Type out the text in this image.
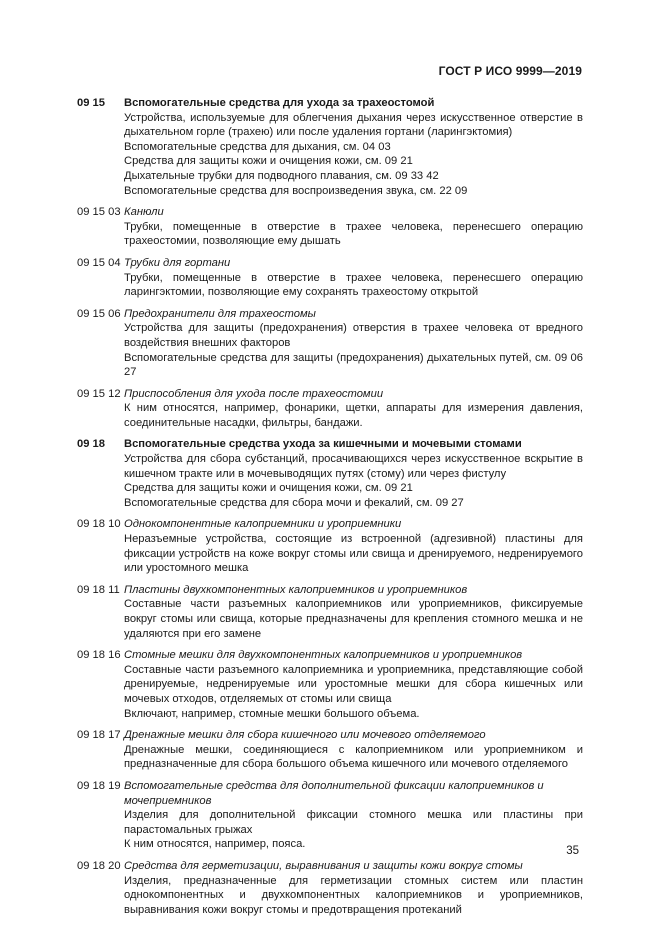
ГОСТ Р ИСО 9999—2019
09 15	Вспомогательные средства для ухода за трахеостомой
Устройства, используемые для облегчения дыхания через искусственное отверстие в дыхательном горле (трахею) или после удаления гортани (ларингэктомия)
Вспомогательные средства для дыхания, см. 04 03
Средства для защиты кожи и очищения кожи, см. 09 21
Дыхательные трубки для подводного плавания, см. 09 33 42
Вспомогательные средства для воспроизведения звука, см. 22 09
09 15 03 Канюли
Трубки, помещенные в отверстие в трахее человека, перенесшего операцию трахеостомии, позволяющие ему дышать
09 15 04 Трубки для гортани
Трубки, помещенные в отверстие в трахее человека, перенесшего операцию ларингэктомии, позволяющие ему сохранять трахеостому открытой
09 15 06 Предохранители для трахеостомы
Устройства для защиты (предохранения) отверстия в трахее человека от вредного воздействия внешних факторов
Вспомогательные средства для защиты (предохранения) дыхательных путей, см. 09 06 27
09 15 12 Приспособления для ухода после трахеостомии
К ним относятся, например, фонарики, щетки, аппараты для измерения давления, соединительные насадки, фильтры, бандажи.
09 18	Вспомогательные средства ухода за кишечными и мочевыми стомами
Устройства для сбора субстанций, просачивающихся через искусственное вскрытие в кишечном тракте или в мочевыводящих путях (стому) или через фистулу
Средства для защиты кожи и очищения кожи, см. 09 21
Вспомогательные средства для сбора мочи и фекалий, см. 09 27
09 18 10 Однокомпонентные калоприемники и уроприемники
Неразъемные устройства, состоящие из встроенной (адгезивной) пластины для фиксации устройств на коже вокруг стомы или свища и дренируемого, недренируемого или уростомного мешка
09 18 11 Пластины двухкомпонентных калоприемников и уроприемников
Составные части разъемных калоприемников или уроприемников, фиксируемые вокруг стомы или свища, которые предназначены для крепления стомного мешка и не удаляются при его замене
09 18 16 Стомные мешки для двухкомпонентных калоприемников и уроприемников
Составные части разъемного калоприемника и уроприемника, представляющие собой дренируемые, недренируемые или уростомные мешки для сбора кишечных или мочевых отходов, отделяемых от стомы или свища
Включают, например, стомные мешки большого объема.
09 18 17 Дренажные мешки для сбора кишечного или мочевого отделяемого
Дренажные мешки, соединяющиеся с калоприемником или уроприемником и предназначенные для сбора большого объема кишечного или мочевого отделяемого
09 18 19 Вспомогательные средства для дополнительной фиксации калоприемников и мочеприемников
Изделия для дополнительной фиксации стомного мешка или пластины при парастомальных грыжах
К ним относятся, например, пояса.
09 18 20 Средства для герметизации, выравнивания и защиты кожи вокруг стомы
Изделия, предназначенные для герметизации стомных систем или пластин однокомпонентных и двухкомпонентных калоприемников и уроприемников, выравнивания кожи вокруг стомы и предотвращения протеканий
35
